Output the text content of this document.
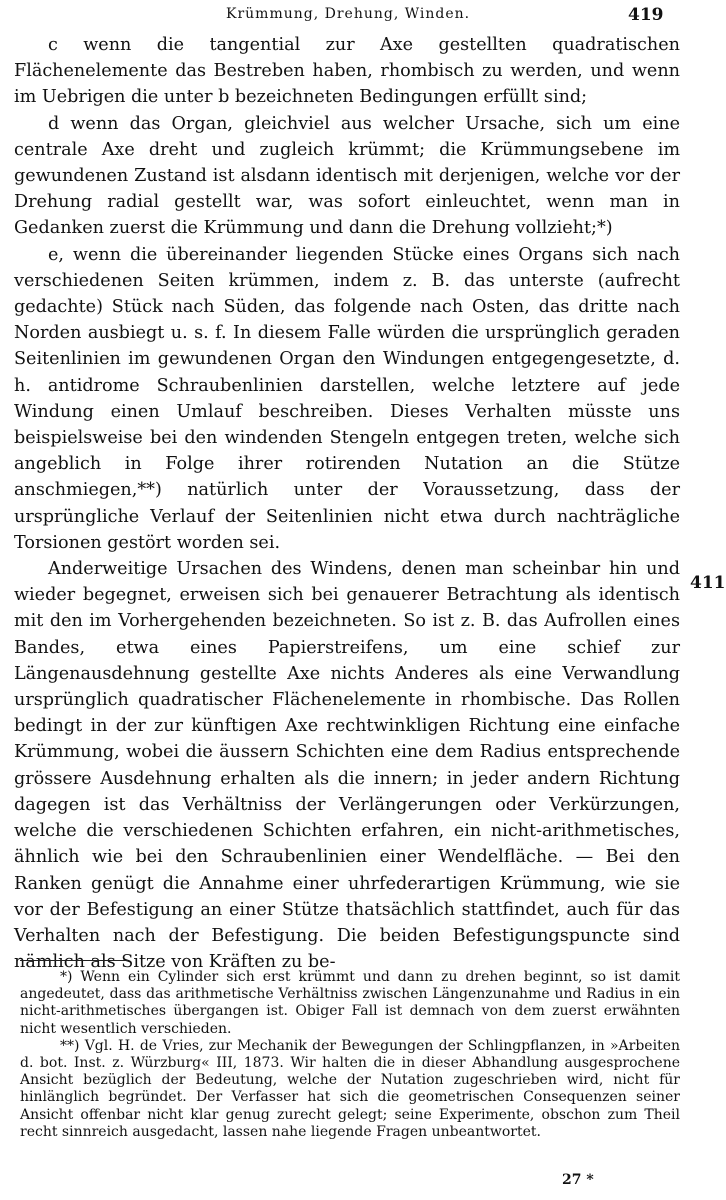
Krümmung, Drehung, Winden.	419

c wenn die tangential zur Axe gestellten quadratischen Flächenelemente das Bestreben haben, rhombisch zu werden, und wenn im Uebrigen die unter b bezeichneten Bedingungen erfüllt sind;

d wenn das Organ, gleichviel aus welcher Ursache, sich um eine centrale Axe dreht und zugleich krümmt; die Krümmungsebene im gewundenen Zustand ist alsdann identisch mit derjenigen, welche vor der Drehung radial gestellt war, was sofort einleuchtet, wenn man in Gedanken zuerst die Krümmung und dann die Drehung vollzieht;*)

e, wenn die übereinander liegenden Stücke eines Organs sich nach verschiedenen Seiten krümmen, indem z. B. das unterste (aufrecht gedachte) Stück nach Süden, das folgende nach Osten, das dritte nach Norden ausbiegt u. s. f. In diesem Falle würden die ursprünglich geraden Seitenlinien im gewundenen Organ den Windungen entgegengesetzte, d. h. antidrome Schraubenlinien darstellen, welche letztere auf jede Windung einen Umlauf beschreiben. Dieses Verhalten müsste uns beispielsweise bei den windenden Stengeln entgegen treten, welche sich angeblich in Folge ihrer rotirenden Nutation an die Stütze anschmiegen,**) natürlich unter der Voraussetzung, dass der ursprüngliche Verlauf der Seitenlinien nicht etwa durch nachträgliche Torsionen gestört worden sei.

Anderweitige Ursachen des Windens, denen man scheinbar hin und wieder begegnet, erweisen sich bei genauerer Betrachtung als identisch mit den im Vorhergehenden bezeichneten. So ist z. B. das Aufrollen eines Bandes, etwa eines Papierstreifens, um eine schief zur Längenausdehnung gestellte Axe nichts Anderes als eine Verwandlung ursprünglich quadratischer Flächenelemente in rhombische. Das Rollen bedingt in der zur künftigen Axe rechtwinkligen Richtung eine einfache Krümmung, wobei die äussern Schichten eine dem Radius entsprechende grössere Ausdehnung erhalten als die innern; in jeder andern Richtung dagegen ist das Verhältniss der Verlängerungen oder Verkürzungen, welche die verschiedenen Schichten erfahren, ein nicht-arithmetisches, ähnlich wie bei den Schraubenlinien einer Wendelfläche. — Bei den Ranken genügt die Annahme einer uhrfederartigen Krümmung, wie sie vor der Befestigung an einer Stütze thatsächlich stattfindet, auch für das Verhalten nach der Befestigung. Die beiden Befestigungspuncte sind nämlich als Sitze von Kräften zu be-

411

*) Wenn ein Cylinder sich erst krümmt und dann zu drehen beginnt, so ist damit angedeutet, dass das arithmetische Verhältniss zwischen Längenzunahme und Radius in ein nicht-arithmetisches übergangen ist. Obiger Fall ist demnach von dem zuerst erwähnten nicht wesentlich verschieden.

**) Vgl. H. de Vries, zur Mechanik der Bewegungen der Schlingpflanzen, in »Arbeiten d. bot. Inst. z. Würzburg« III, 1873. Wir halten die in dieser Abhandlung ausgesprochene Ansicht bezüglich der Bedeutung, welche der Nutation zugeschrieben wird, nicht für hinlänglich begründet. Der Verfasser hat sich die geometrischen Consequenzen seiner Ansicht offenbar nicht klar genug zurecht gelegt; seine Experimente, obschon zum Theil recht sinnreich ausgedacht, lassen nahe liegende Fragen unbeantwortet.

27 *
